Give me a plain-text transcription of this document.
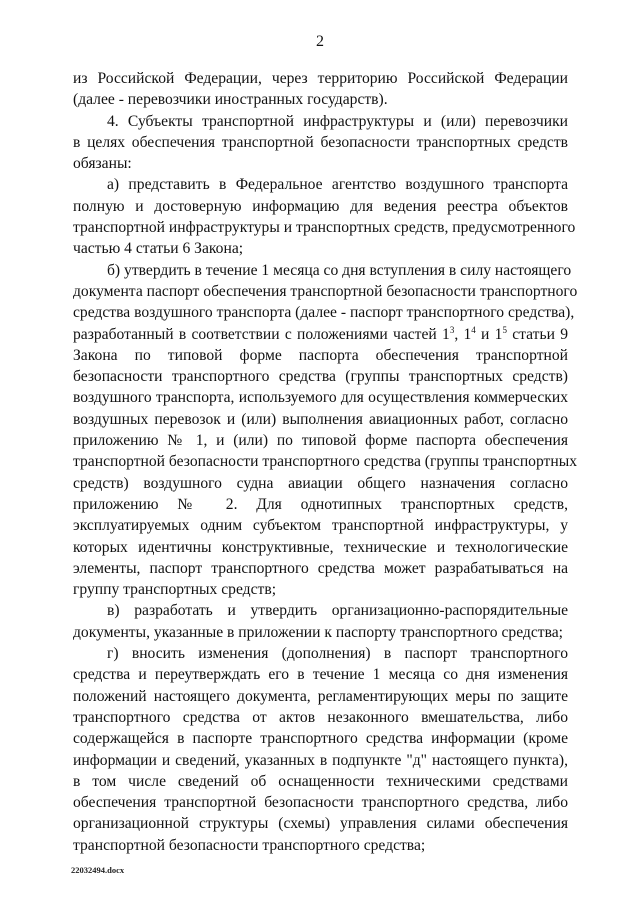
2
из Российской Федерации, через территорию Российской Федерации
(далее - перевозчики иностранных государств).
4. Субъекты транспортной инфраструктуры и (или) перевозчики
в целях обеспечения транспортной безопасности транспортных средств
обязаны:
а) представить в Федеральное агентство воздушного транспорта
полную и достоверную информацию для ведения реестра объектов
транспортной инфраструктуры и транспортных средств, предусмотренного
частью 4 статьи 6 Закона;
б) утвердить в течение 1 месяца со дня вступления в силу настоящего
документа паспорт обеспечения транспортной безопасности транспортного
средства воздушного транспорта (далее - паспорт транспортного средства),
разработанный в соответствии с положениями частей $1^3$, $1^4$ и $1^5$ статьи 9
Закона по типовой форме паспорта обеспечения транспортной
безопасности транспортного средства (группы транспортных средств)
воздушного транспорта, используемого для осуществления коммерческих
воздушных перевозок и (или) выполнения авиационных работ, согласно
приложению № 1, и (или) по типовой форме паспорта обеспечения
транспортной безопасности транспортного средства (группы транспортных
средств) воздушного судна авиации общего назначения согласно
приложению № 2. Для однотипных транспортных средств,
эксплуатируемых одним субъектом транспортной инфраструктуры, у
которых идентичны конструктивные, технические и технологические
элементы, паспорт транспортного средства может разрабатываться на
группу транспортных средств;
в) разработать и утвердить организационно-распорядительные
документы, указанные в приложении к паспорту транспортного средства;
г) вносить изменения (дополнения) в паспорт транспортного
средства и переутверждать его в течение 1 месяца со дня изменения
положений настоящего документа, регламентирующих меры по защите
транспортного средства от актов незаконного вмешательства, либо
содержащейся в паспорте транспортного средства информации (кроме
информации и сведений, указанных в подпункте "д" настоящего пункта),
в том числе сведений об оснащенности техническими средствами
обеспечения транспортной безопасности транспортного средства, либо
организационной структуры (схемы) управления силами обеспечения
транспортной безопасности транспортного средства;
22032494.docx
